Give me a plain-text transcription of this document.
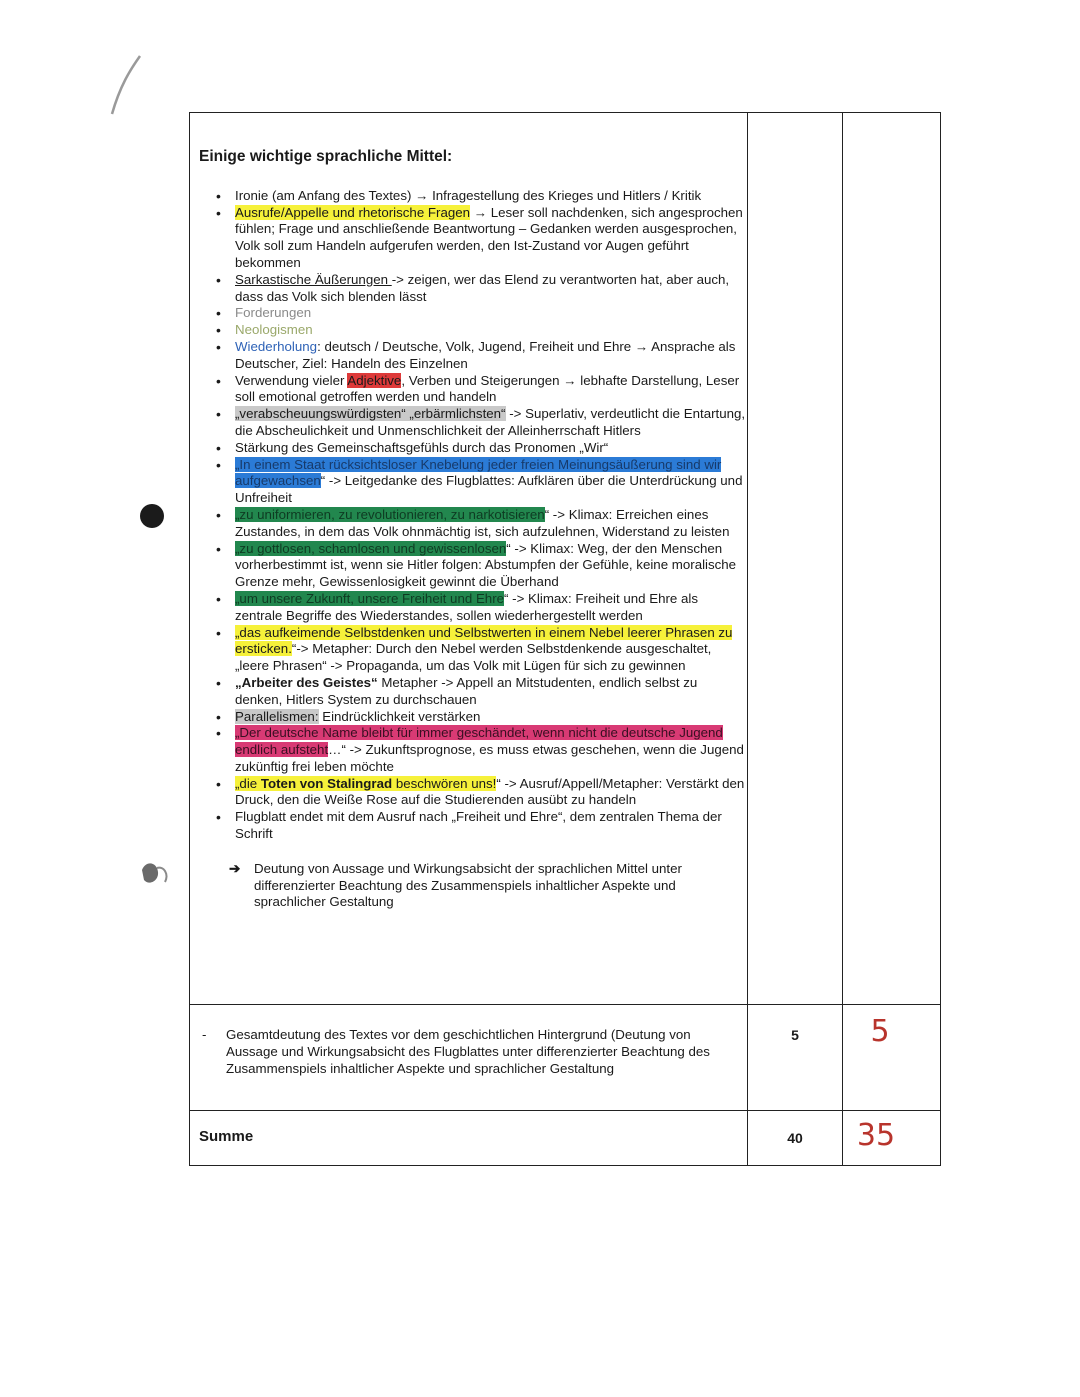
Einige wichtige sprachliche Mittel:
• Ironie (am Anfang des Textes) → Infragestellung des Krieges und Hitlers / Kritik
• Ausrufe/Appelle und rhetorische Fragen → Leser soll nachdenken, sich angesprochen fühlen; Frage und anschließende Beantwortung – Gedanken werden ausgesprochen, Volk soll zum Handeln aufgerufen werden, den Ist-Zustand vor Augen geführt bekommen
• Sarkastische Äußerungen -> zeigen, wer das Elend zu verantworten hat, aber auch, dass das Volk sich blenden lässt
• Forderungen
• Neologismen
• Wiederholung: deutsch / Deutsche, Volk, Jugend, Freiheit und Ehre → Ansprache als Deutscher, Ziel: Handeln des Einzelnen
• Verwendung vieler Adjektive, Verben und Steigerungen → lebhafte Darstellung, Leser soll emotional getroffen werden und handeln
• „verabscheuungswürdigsten“ „erbärmlichsten“ -> Superlativ, verdeutlicht die Entartung, die Abscheulichkeit und Unmenschlichkeit der Alleinherrschaft Hitlers
• Stärkung des Gemeinschaftsgefühls durch das Pronomen „Wir“
• „In einem Staat rücksichtsloser Knebelung jeder freien Meinungsäußerung sind wir aufgewachsen“ -> Leitgedanke des Flugblattes: Aufklären über die Unterdrückung und Unfreiheit
• „zu uniformieren, zu revolutionieren, zu narkotisieren“ -> Klimax: Erreichen eines Zustandes, in dem das Volk ohnmächtig ist, sich aufzulehnen, Widerstand zu leisten
• „zu gottlosen, schamlosen und gewissenlosen“ -> Klimax: Weg, der den Menschen vorherbestimmt ist, wenn sie Hitler folgen: Abstumpfen der Gefühle, keine moralische Grenze mehr, Gewissenlosigkeit gewinnt die Überhand
• „um unsere Zukunft, unsere Freiheit und Ehre“ -> Klimax: Freiheit und Ehre als zentrale Begriffe des Wiederstandes, sollen wiederhergestellt werden
• „das aufkeimende Selbstdenken und Selbstwerten in einem Nebel leerer Phrasen zu ersticken.“-> Metapher: Durch den Nebel werden Selbstdenkende ausgeschaltet, „leere Phrasen“ -> Propaganda, um das Volk mit Lügen für sich zu gewinnen
• „Arbeiter des Geistes“ Metapher -> Appell an Mitstudenten, endlich selbst zu denken, Hitlers System zu durchschauen
• Parallelismen: Eindrücklichkeit verstärken
• „Der deutsche Name bleibt für immer geschändet, wenn nicht die deutsche Jugend endlich aufsteht…“ -> Zukunftsprognose, es muss etwas geschehen, wenn die Jugend zukünftig frei leben möchte
• „die Toten von Stalingrad beschwören uns!“ -> Ausruf/Appell/Metapher: Verstärkt den Druck, den die Weiße Rose auf die Studierenden ausübt zu handeln
• Flugblatt endet mit dem Ausruf nach „Freiheit und Ehre“, dem zentralen Thema der Schrift
➔ Deutung von Aussage und Wirkungsabsicht der sprachlichen Mittel unter differenzierter Beachtung des Zusammenspiels inhaltlicher Aspekte und sprachlicher Gestaltung
- Gesamtdeutung des Textes vor dem geschichtlichen Hintergrund (Deutung von Aussage und Wirkungsabsicht des Flugblattes unter differenzierter Beachtung des Zusammenspiels inhaltlicher Aspekte und sprachlicher Gestaltung
5	5
Summe	40	35
